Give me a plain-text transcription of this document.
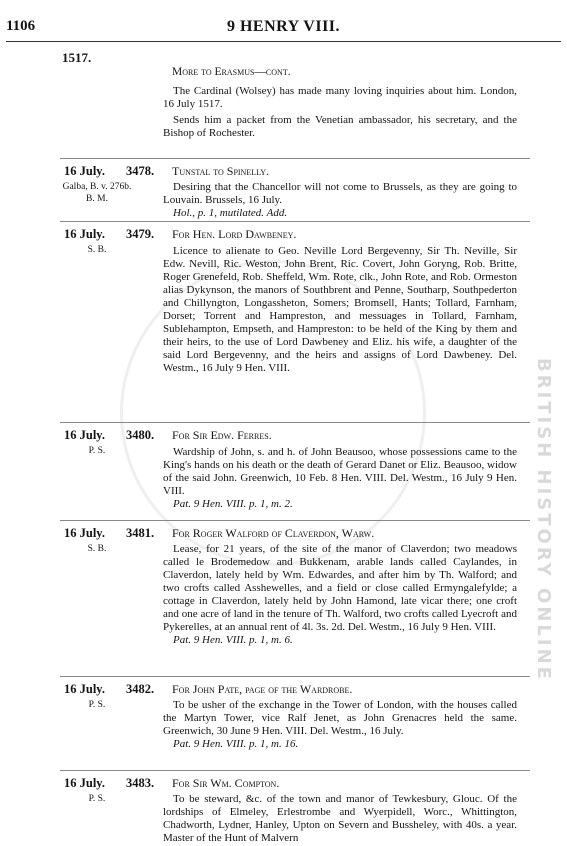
BRITISH HISTORY ONLINE
1106	9 HENRY VIII.
1517.
More to Erasmus—cont.

The Cardinal (Wolsey) has made many loving inquiries about him. London, 16 July 1517.

Sends him a packet from the Venetian ambassador, his secretary, and the Bishop of Rochester.

16 July. 3478. Tunstal to Spinelly.
Galba, B. v. 276b.
B. M.

Desiring that the Chancellor will not come to Brussels, as they are going to Louvain. Brussels, 16 July.

Hol., p. 1, mutilated. Add.

16 July. 3479. For Hen. Lord Dawbeney.
S. B.	Licence to alienate to Geo. Neville Lord Bergevenny, Sir Th. Neville, Sir Edw. Nevill, Ric. Weston, John Brent, Ric. Covert, John Goryng, Rob. Britte, Roger Grenefeld, Rob. Sheffeld, Wm. Rote, clk., John Rote, and Rob. Ormeston alias Dykynson, the manors of Southbrent and Penne, Southarp, Southpederton and Chillyngton, Longassheton, Somers; Bromsell, Hants; Tollard, Farnham, Dorset; Torrent and Hampreston, and messuages in Tollard, Farnham, Sublehampton, Empseth, and Hampreston: to be held of the King by them and their heirs, to the use of Lord Dawbeney and Eliz. his wife, a daughter of the said Lord Bergevenny, and the heirs and assigns of Lord Dawbeney. Del. Westm., 16 July 9 Hen. VIII.

16 July. 3480. For Sir Edw. Ferres.
P. S.	Wardship of John, s. and h. of John Beausoo, whose possessions came to the King's hands on his death or the death of Gerard Danet or Eliz. Beausoo, widow of the said John. Greenwich, 10 Feb. 8 Hen. VIII. Del. Westm., 16 July 9 Hen. VIII.

Pat. 9 Hen. VIII. p. 1, m. 2.

16 July. 3481. For Roger Walford of Claverdon, Warw.
S. B.	Lease, for 21 years, of the site of the manor of Claverdon; two meadows called le Brodemedow and Bukkenam, arable lands called Caylandes, in Claverdon, lately held by Wm. Edwardes, and after him by Th. Walford; and two crofts called Asshewelles, and a field or close called Ermyngalefylde; a cottage in Claverdon, lately held by John Hamond, late vicar there; one croft and one acre of land in the tenure of Th. Walford, two crofts called Lyecroft and Pykerelles, at an annual rent of 4l. 3s. 2d. Del. Westm., 16 July 9 Hen. VIII.

Pat. 9 Hen. VIII. p. 1, m. 6.

16 July. 3482. For John Pate, page of the Wardrobe.
P. S.	To be usher of the exchange in the Tower of London, with the houses called the Martyn Tower, vice Ralf Jenet, as John Grenacres held the same. Greenwich, 30 June 9 Hen. VIII. Del. Westm., 16 July.

Pat. 9 Hen. VIII. p. 1, m. 16.

16 July. 3483. For Sir Wm. Compton.
P. S.	To be steward, &c. of the town and manor of Tewkesbury, Glouc. Of the lordships of Elmeley, Erlestrombe and Wyerpidell, Worc., Whittington, Chadworth, Lydner, Hanley, Upton on Severn and Bussheley, with 40s. a year. Master of the Hunt of Malvern
